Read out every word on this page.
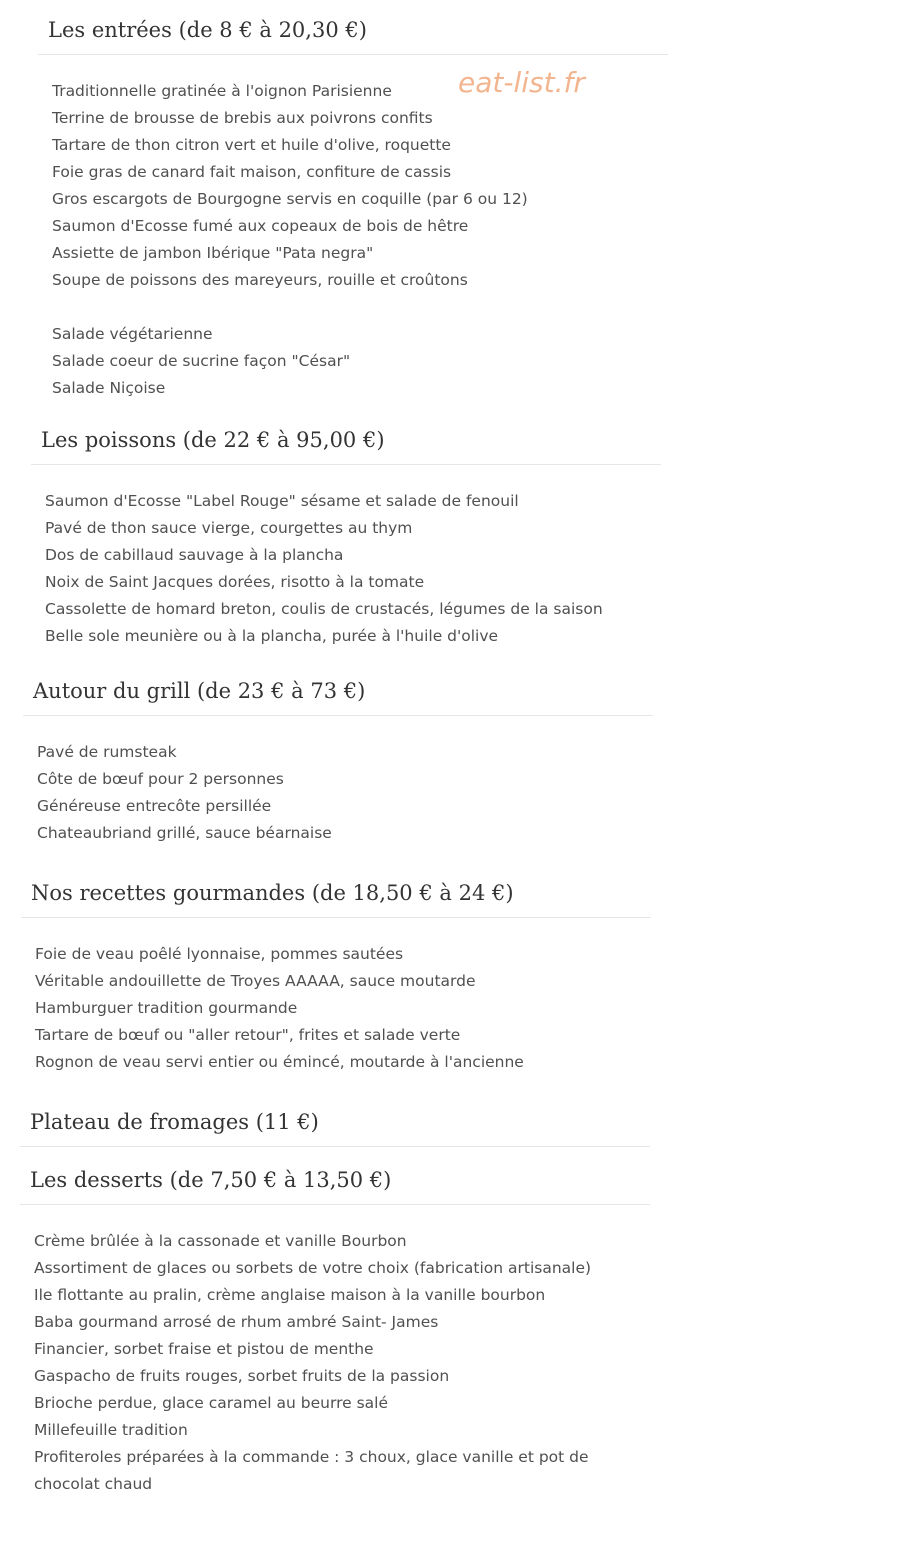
eat-list.fr
Les entrées (de 8 € à 20,30 €)
Traditionnelle gratinée à l'oignon Parisienne
Terrine de brousse de brebis aux poivrons confits
Tartare de thon citron vert et huile d'olive, roquette
Foie gras de canard fait maison, confiture de cassis
Gros escargots de Bourgogne servis en coquille (par 6 ou 12)
Saumon d'Ecosse fumé aux copeaux de bois de hêtre
Assiette de jambon Ibérique "Pata negra"
Soupe de poissons des mareyeurs, rouille et croûtons
Salade végétarienne
Salade coeur de sucrine façon "César"
Salade Niçoise
Les poissons (de 22 € à 95,00 €)
Saumon d'Ecosse "Label Rouge" sésame et salade de fenouil
Pavé de thon sauce vierge, courgettes au thym
Dos de cabillaud sauvage à la plancha
Noix de Saint Jacques dorées, risotto à la tomate
Cassolette de homard breton, coulis de crustacés, légumes de la saison
Belle sole meunière ou à la plancha, purée à l'huile d'olive
Autour du grill (de 23 € à 73 €)
Pavé de rumsteak
Côte de bœuf pour 2 personnes
Généreuse entrecôte persillée
Chateaubriand grillé, sauce béarnaise
Nos recettes gourmandes (de 18,50 € à 24 €)
Foie de veau poêlé lyonnaise, pommes sautées
Véritable andouillette de Troyes AAAAA, sauce moutarde
Hamburguer tradition gourmande
Tartare de bœuf ou "aller retour", frites et salade verte
Rognon de veau servi entier ou émincé, moutarde à l'ancienne
Plateau de fromages (11 €)
Les desserts (de 7,50 € à 13,50 €)
Crème brûlée à la cassonade et vanille Bourbon
Assortiment de glaces ou sorbets de votre choix (fabrication artisanale)
Ile flottante au pralin, crème anglaise maison à la vanille bourbon
Baba gourmand arrosé de rhum ambré Saint- James
Financier, sorbet fraise et pistou de menthe
Gaspacho de fruits rouges, sorbet fruits de la passion
Brioche perdue, glace caramel au beurre salé
Millefeuille tradition
Profiteroles préparées à la commande : 3 choux, glace vanille et pot de chocolat chaud
